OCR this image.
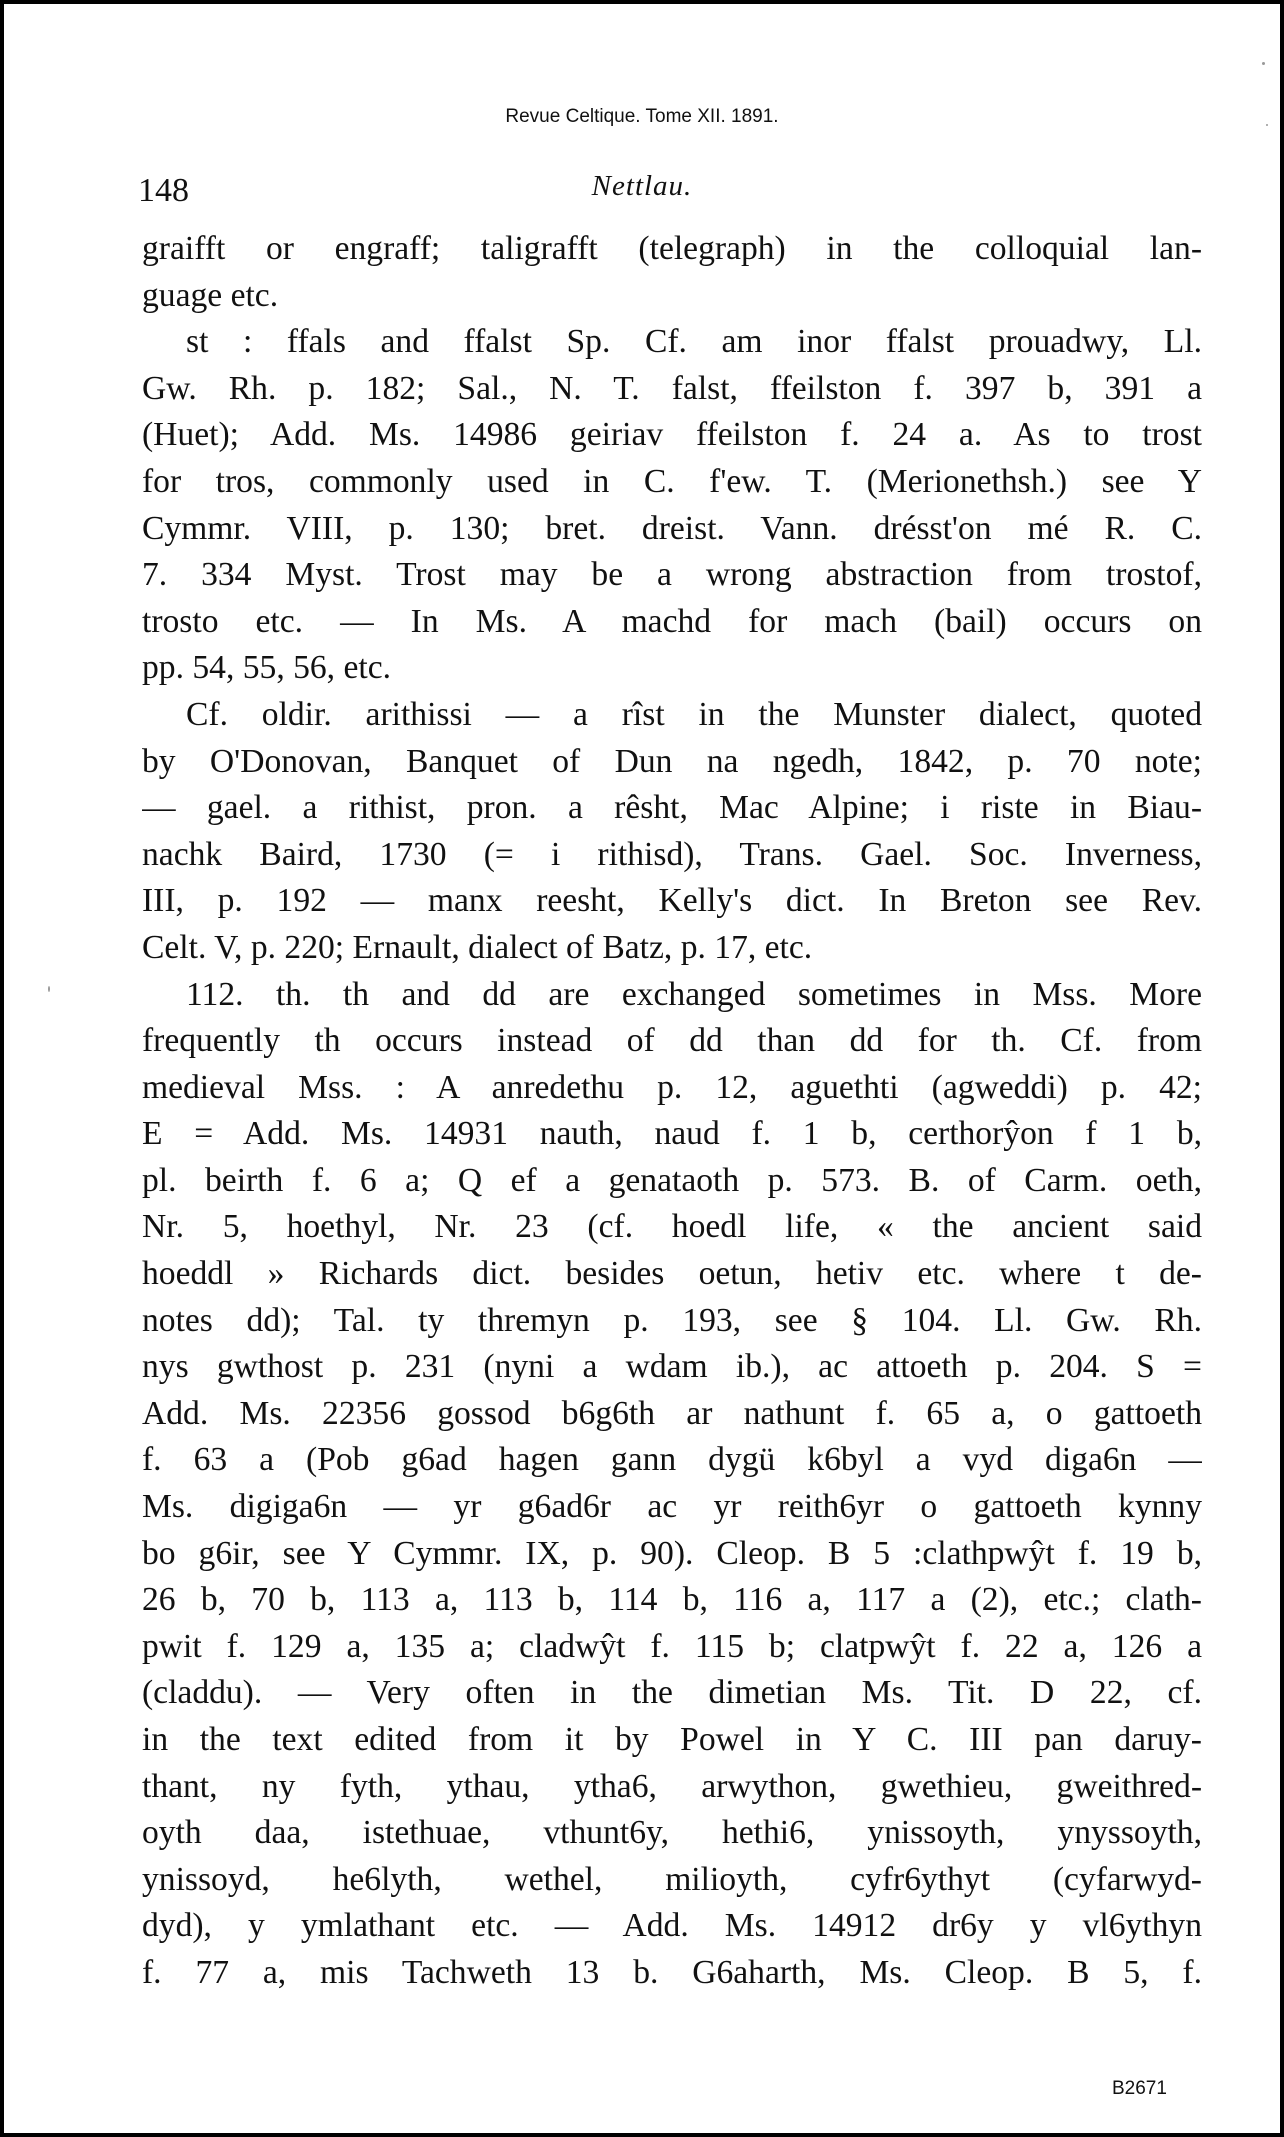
Revue Celtique. Tome XII. 1891.
148	Nettlau.
graifft or engraff; taligrafft (telegraph) in the colloquial lan-
guage etc.
st : ffals and ffalst Sp. Cf. am inor ffalst prouadwy, Ll.
Gw. Rh. p. 182; Sal., N. T. falst, ffeilston f. 397 b, 391 a
(Huet); Add. Ms. 14986 geiriav ffeilston f. 24 a. As to trost
for tros, commonly used in C. f'ew. T. (Merionethsh.) see Y
Cymmr. VIII, p. 130; bret. dreist. Vann. drésst'on mé R. C.
7. 334 Myst. Trost may be a wrong abstraction from trostof,
trosto etc. — In Ms. A machd for mach (bail) occurs on
pp. 54, 55, 56, etc.
Cf. oldir. arithissi — a rîst in the Munster dialect, quoted
by O'Donovan, Banquet of Dun na ngedh, 1842, p. 70 note;
— gael. a rithist, pron. a rêsht, Mac Alpine; i riste in Biau-
nachk Baird, 1730 (= i rithisd), Trans. Gael. Soc. Inverness,
III, p. 192 — manx reesht, Kelly's dict. In Breton see Rev.
Celt. V, p. 220; Ernault, dialect of Batz, p. 17, etc.
112. th. th and dd are exchanged sometimes in Mss. More
frequently th occurs instead of dd than dd for th. Cf. from
medieval Mss. : A anredethu p. 12, aguethti (agweddi) p. 42;
E = Add. Ms. 14931 nauth, naud f. 1 b, certhorŷon f 1 b,
pl. beirth f. 6 a; Q ef a genataoth p. 573. B. of Carm. oeth,
Nr. 5, hoethyl, Nr. 23 (cf. hoedl life, « the ancient said
hoeddl » Richards dict. besides oetun, hetiv etc. where t de-
notes dd); Tal. ty thremyn p. 193, see § 104. Ll. Gw. Rh.
nys gwthost p. 231 (nyni a wdam ib.), ac attoeth p. 204. S =
Add. Ms. 22356 gossod b6g6th ar nathunt f. 65 a, o gattoeth
f. 63 a (Pob g6ad hagen gann dygü k6byl a vyd diga6n —
Ms. digiga6n — yr g6ad6r ac yr reith6yr o gattoeth kynny
bo g6ir, see Y Cymmr. IX, p. 90). Cleop. B 5 :clathpwŷt f. 19 b,
26 b, 70 b, 113 a, 113 b, 114 b, 116 a, 117 a (2), etc.; clath-
pwit f. 129 a, 135 a; cladwŷt f. 115 b; clatpwŷt f. 22 a, 126 a
(claddu). — Very often in the dimetian Ms. Tit. D 22, cf.
in the text edited from it by Powel in Y C. III pan daruy-
thant, ny fyth, ythau, ytha6, arwython, gwethieu, gweithred-
oyth daa, istethuae, vthunt6y, hethi6, ynissoyth, ynyssoyth,
ynissoyd, he6lyth, wethel, milioyth, cyfr6ythyt (cyfarwyd-
dyd), y ymlathant etc. — Add. Ms. 14912 dr6y y vl6ythyn
f. 77 a, mis Tachweth 13 b. G6aharth, Ms. Cleop. B 5, f.
B2671
